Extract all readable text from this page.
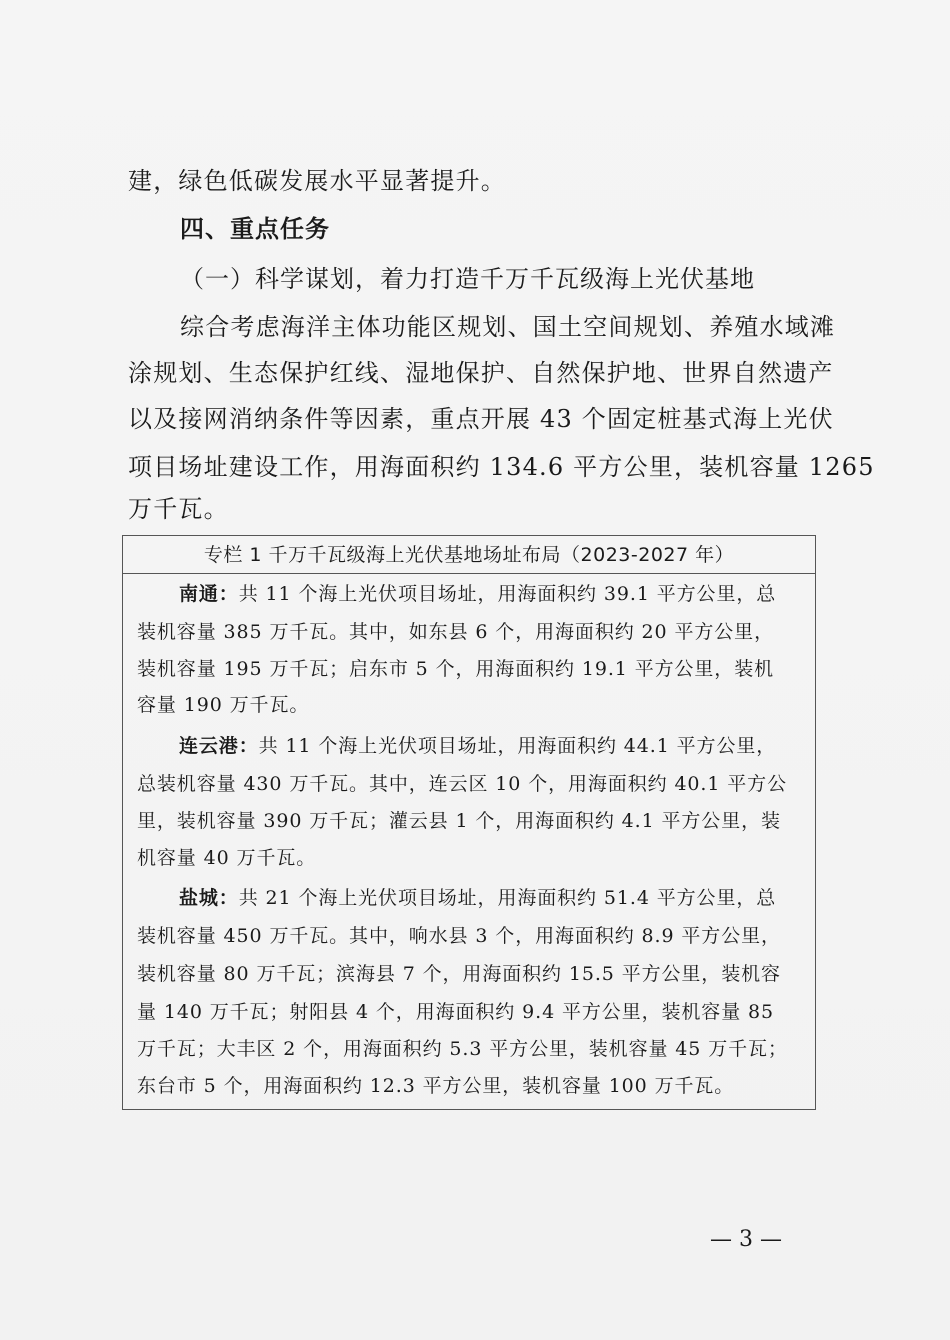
建，绿色低碳发展水平显著提升。
四、重点任务
（一）科学谋划，着力打造千万千瓦级海上光伏基地
综合考虑海洋主体功能区规划、国土空间规划、养殖水域滩
涂规划、生态保护红线、湿地保护、自然保护地、世界自然遗产
以及接网消纳条件等因素，重点开展 43 个固定桩基式海上光伏
项目场址建设工作，用海面积约 134.6 平方公里，装机容量 1265
万千瓦。
专栏 1 千万千瓦级海上光伏基地场址布局（2023-2027 年）
南通：共 11 个海上光伏项目场址，用海面积约 39.1 平方公里，总
装机容量 385 万千瓦。其中，如东县 6 个，用海面积约 20 平方公里，
装机容量 195 万千瓦；启东市 5 个，用海面积约 19.1 平方公里，装机
容量 190 万千瓦。
连云港：共 11 个海上光伏项目场址，用海面积约 44.1 平方公里，
总装机容量 430 万千瓦。其中，连云区 10 个，用海面积约 40.1 平方公
里，装机容量 390 万千瓦；灌云县 1 个，用海面积约 4.1 平方公里，装
机容量 40 万千瓦。
盐城：共 21 个海上光伏项目场址，用海面积约 51.4 平方公里，总
装机容量 450 万千瓦。其中，响水县 3 个，用海面积约 8.9 平方公里，
装机容量 80 万千瓦；滨海县 7 个，用海面积约 15.5 平方公里，装机容
量 140 万千瓦；射阳县 4 个，用海面积约 9.4 平方公里，装机容量 85
万千瓦；大丰区 2 个，用海面积约 5.3 平方公里，装机容量 45 万千瓦；
东台市 5 个，用海面积约 12.3 平方公里，装机容量 100 万千瓦。
— 3 —
